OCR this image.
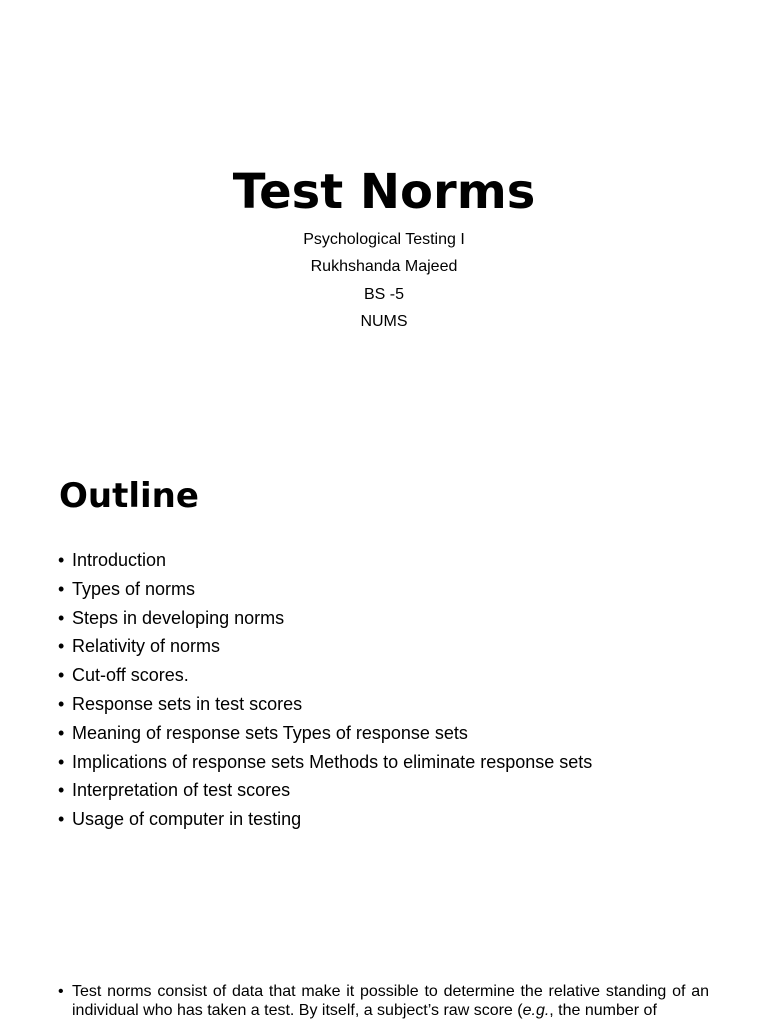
Test Norms
Psychological Testing I
Rukhshanda Majeed
BS -5
NUMS
Outline
• Introduction
• Types of norms
• Steps in developing norms
• Relativity of norms
• Cut-off scores.
• Response sets in test scores
• Meaning of response sets Types of response sets
• Implications of response sets Methods to eliminate response sets
• Interpretation of test scores
• Usage of computer in testing

• Test norms consist of data that make it possible to determine the relative standing of an individual who has taken a test. By itself, a subject’s raw score (e.g., the number of
